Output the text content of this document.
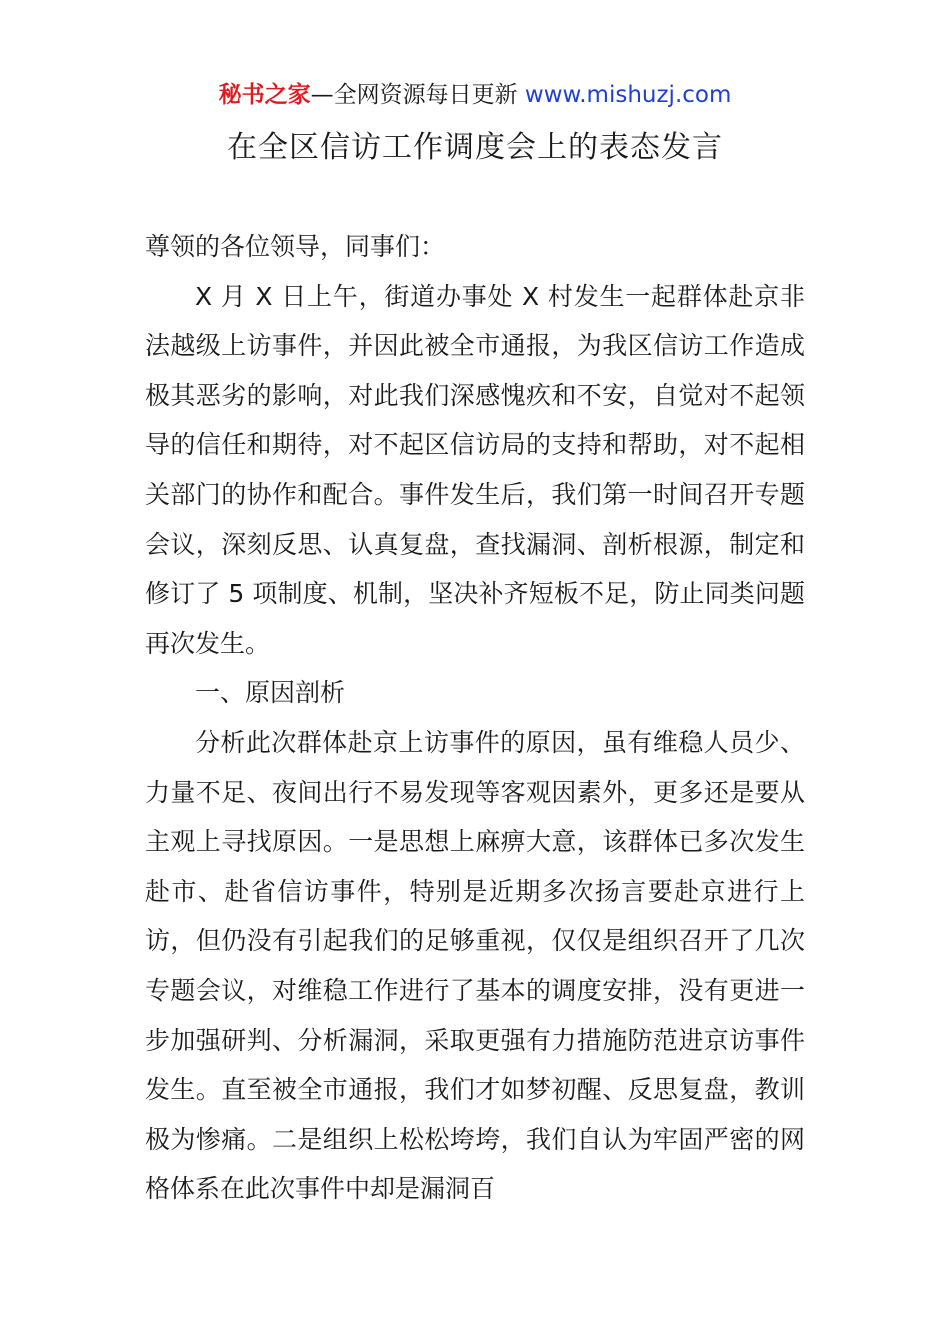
秘书之家—全网资源每日更新 www.mishuzj.com
在全区信访工作调度会上的表态发言

尊领的各位领导，同事们：

X 月 X 日上午，街道办事处 X 村发生一起群体赴京非法越级上访事件，并因此被全市通报，为我区信访工作造成极其恶劣的影响，对此我们深感愧疚和不安，自觉对不起领导的信任和期待，对不起区信访局的支持和帮助，对不起相关部门的协作和配合。事件发生后，我们第一时间召开专题会议，深刻反思、认真复盘，查找漏洞、剖析根源，制定和修订了 5 项制度、机制，坚决补齐短板不足，防止同类问题再次发生。

一、原因剖析

分析此次群体赴京上访事件的原因，虽有维稳人员少、力量不足、夜间出行不易发现等客观因素外，更多还是要从主观上寻找原因。一是思想上麻痹大意，该群体已多次发生赴市、赴省信访事件，特别是近期多次扬言要赴京进行上访，但仍没有引起我们的足够重视，仅仅是组织召开了几次专题会议，对维稳工作进行了基本的调度安排，没有更进一步加强研判、分析漏洞，采取更强有力措施防范进京访事件发生。直至被全市通报，我们才如梦初醒、反思复盘，教训极为惨痛。二是组织上松松垮垮，我们自认为牢固严密的网格体系在此次事件中却是漏洞百
